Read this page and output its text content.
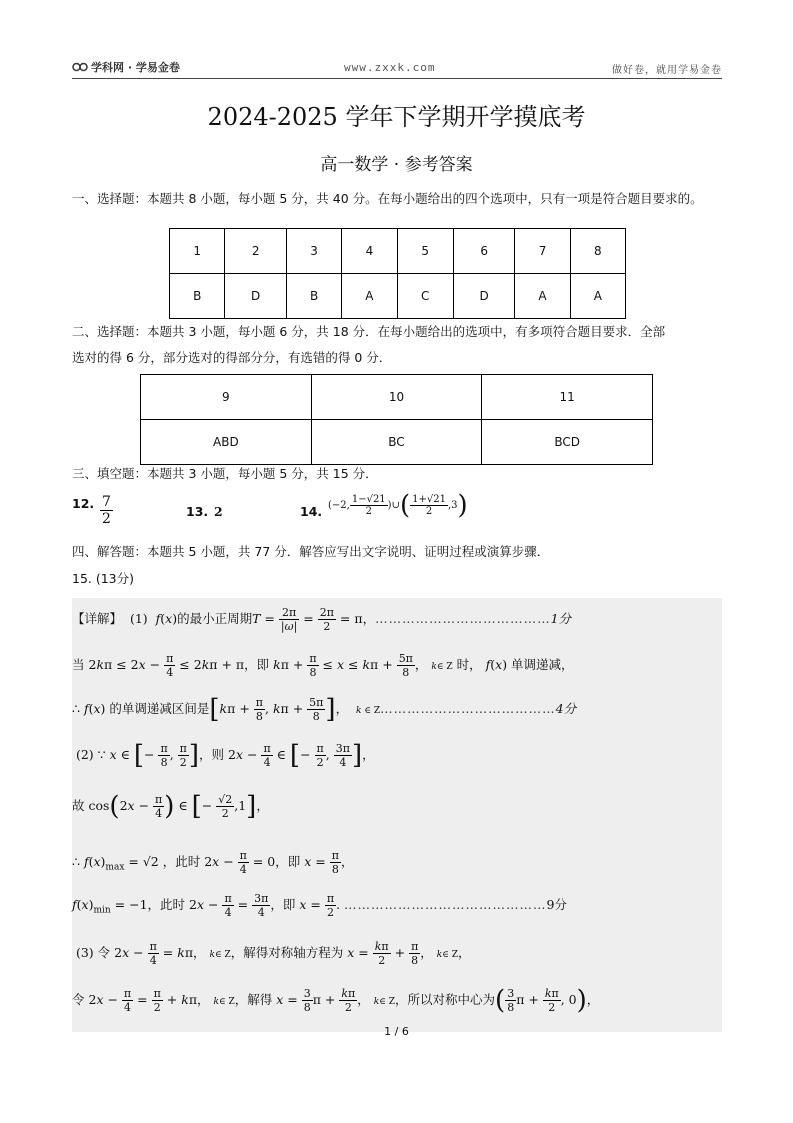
学科网 · 学易金卷	www.zxxk.com	做好卷，就用学易金卷
2024-2025 学年下学期开学摸底考
高一数学 · 参考答案
一、选择题：本题共 8 小题，每小题 5 分，共 40 分。在每小题给出的四个选项中，只有一项是符合题目要求的。
1	2	3	4	5	6	7	8
B	D	B	A	C	D	A	A
二、选择题：本题共 3 小题，每小题 6 分，共 18 分．在每小题给出的选项中，有多项符合题目要求．全部
选对的得 6 分，部分选对的得部分分，有选错的得 0 分．
9	10	11
ABD	BC	BCD
三、填空题：本题共 3 小题，每小题 5 分，共 15 分．
12. $\frac{7}{2}$	13. 2	14. (−2, $\frac{1-√21}{2}$ )∪( $\frac{1+√21}{2} ,3$)
四、解答题：本题共 5 小题，共 77 分．解答应写出文字说明、证明过程或演算步骤．
15. (13分)
【详解】  (1)  f(x)的最小正周期$T = \frac{2\pi}{|\omega|} = \frac{2\pi}{2} = \pi$，…………………………………1分
当 $2k\pi \le 2x - \frac{\pi}{4} \le 2k\pi + \pi$，即 $k\pi + \frac{\pi}{8} \le x \le k\pi + \frac{5\pi}{8}$ ， k∈ Z 时， f(x) 单调递减，
∴ f(x) 的单调递减区间是[$k\pi + \frac{\pi}{8}$ , $k\pi + \frac{5\pi}{8}$ ]，  k ∈ Z…………………………………4分
(2) ∵ x ∈ [− $\frac{\pi}{8}$ , $\frac{\pi}{2}$ ]，则 $2x - \frac{\pi}{4}$ ∈ [− $\frac{\pi}{2}$ , $\frac{3\pi}{4}$ ]，
故 $\cos(2x - \frac{\pi}{4}$ ) ∈ [− $\frac{√2}{2} ,1$]，
∴ $f(x)_{max} = √2$ ，此时 $2x - \frac{\pi}{4} = 0$，即 $x = \frac{\pi}{8}$ ，
$f(x)_{min} = -1$，此时 $2x - \frac{\pi}{4} = \frac{3\pi}{4}$ ，即 $x = \frac{\pi}{2}$ . ………………………………………9分
(3) 令 $2x - \frac{\pi}{4} = k\pi$， k∈ Z，解得对称轴方程为 $x = \frac{k\pi}{2} + \frac{\pi}{8}$ ， k∈ Z，
令 $2x - \frac{\pi}{4} = \frac{\pi}{2} + k\pi$， k∈ Z，解得 $x = \frac{3}{8}$ $\pi + \frac{k\pi}{2}$ ， k∈ Z，所以对称中心为( $\frac{3}{8}$ $\pi + \frac{k\pi}{2}$ , 0)，
1 / 6
